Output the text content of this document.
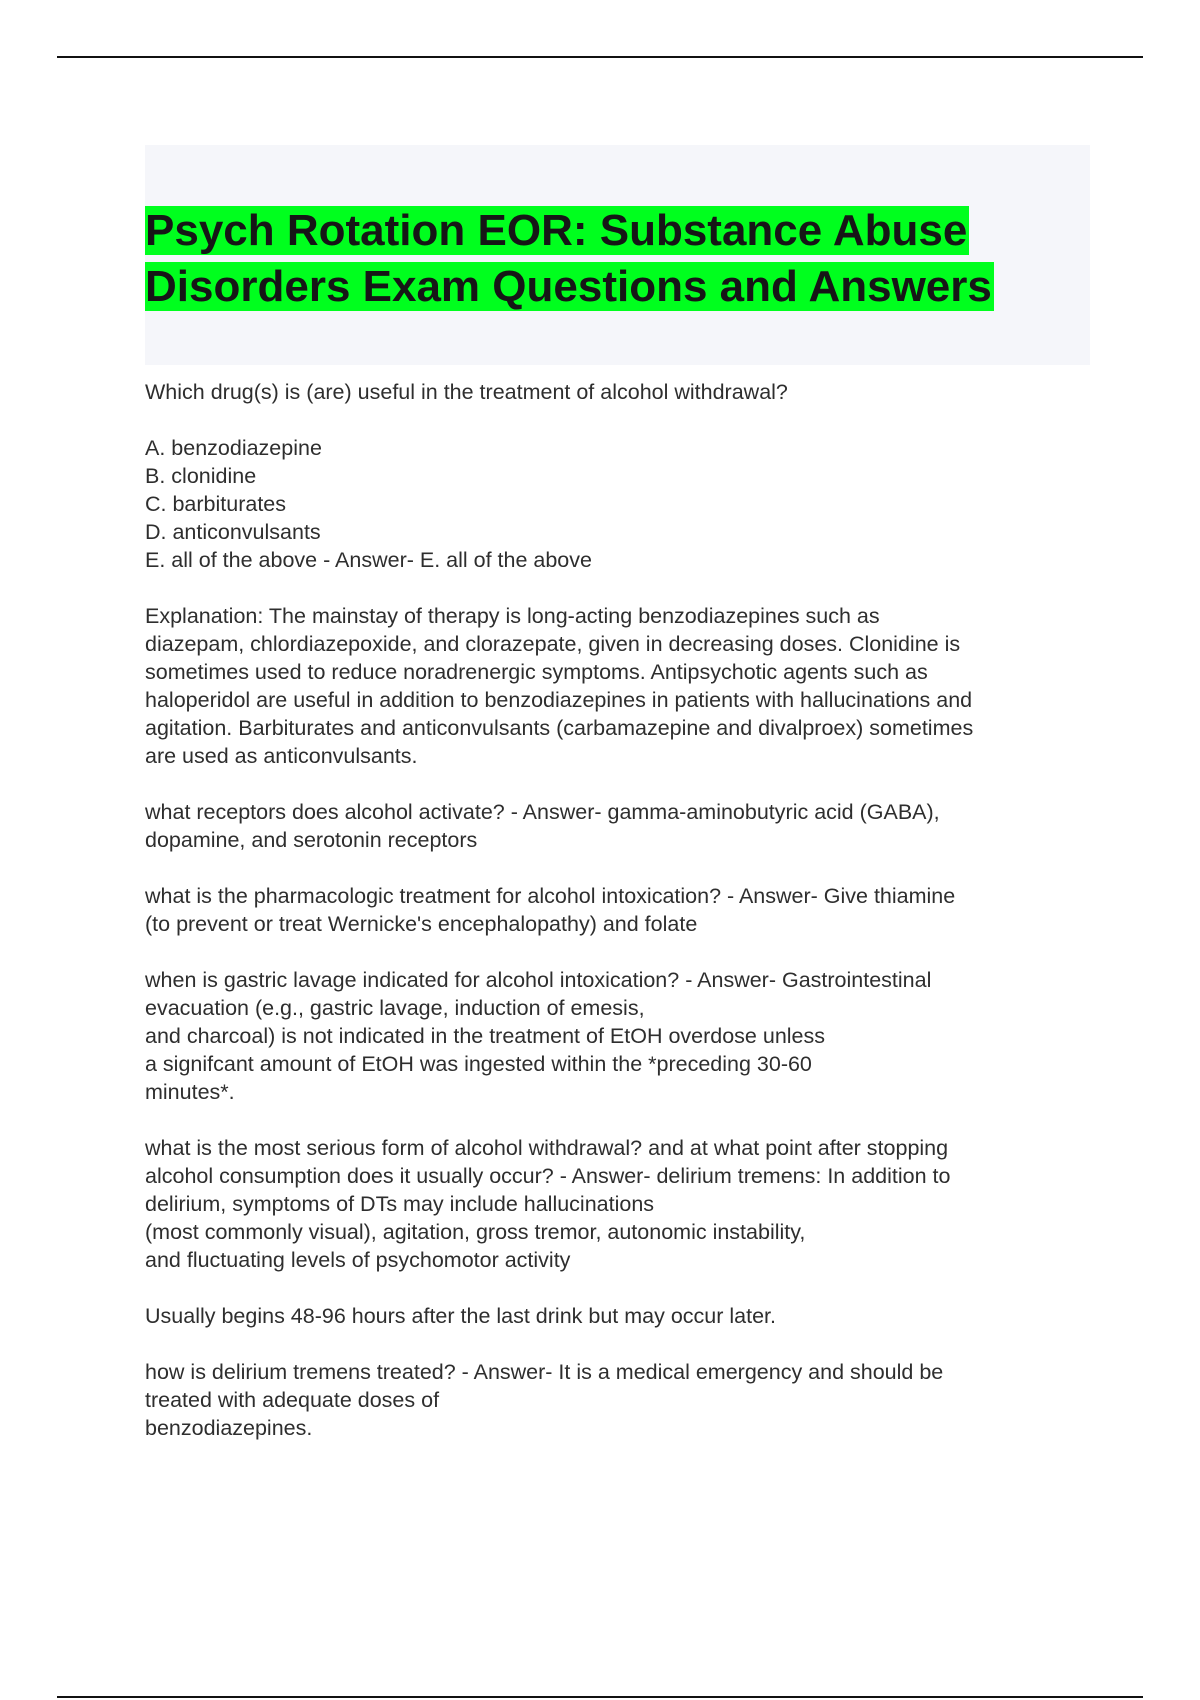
Psych Rotation EOR: Substance Abuse
Disorders Exam Questions and Answers
Which drug(s) is (are) useful in the treatment of alcohol withdrawal?
A. benzodiazepine
B. clonidine
C. barbiturates
D. anticonvulsants
E. all of the above - Answer- E. all of the above
Explanation: The mainstay of therapy is long-acting benzodiazepines such as
diazepam, chlordiazepoxide, and clorazepate, given in decreasing doses. Clonidine is
sometimes used to reduce noradrenergic symptoms. Antipsychotic agents such as
haloperidol are useful in addition to benzodiazepines in patients with hallucinations and
agitation. Barbiturates and anticonvulsants (carbamazepine and divalproex) sometimes
are used as anticonvulsants.
what receptors does alcohol activate? - Answer- gamma-aminobutyric acid (GABA),
dopamine, and serotonin receptors
what is the pharmacologic treatment for alcohol intoxication? - Answer- Give thiamine
(to prevent or treat Wernicke's encephalopathy) and folate
when is gastric lavage indicated for alcohol intoxication? - Answer- Gastrointestinal
evacuation (e.g., gastric lavage, induction of emesis,
and charcoal) is not indicated in the treatment of EtOH overdose unless
a signifcant amount of EtOH was ingested within the *preceding 30-60
minutes*.
what is the most serious form of alcohol withdrawal? and at what point after stopping
alcohol consumption does it usually occur? - Answer- delirium tremens: In addition to
delirium, symptoms of DTs may include hallucinations
(most commonly visual), agitation, gross tremor, autonomic instability,
and fluctuating levels of psychomotor activity
Usually begins 48-96 hours after the last drink but may occur later.
how is delirium tremens treated? - Answer- It is a medical emergency and should be
treated with adequate doses of
benzodiazepines.
